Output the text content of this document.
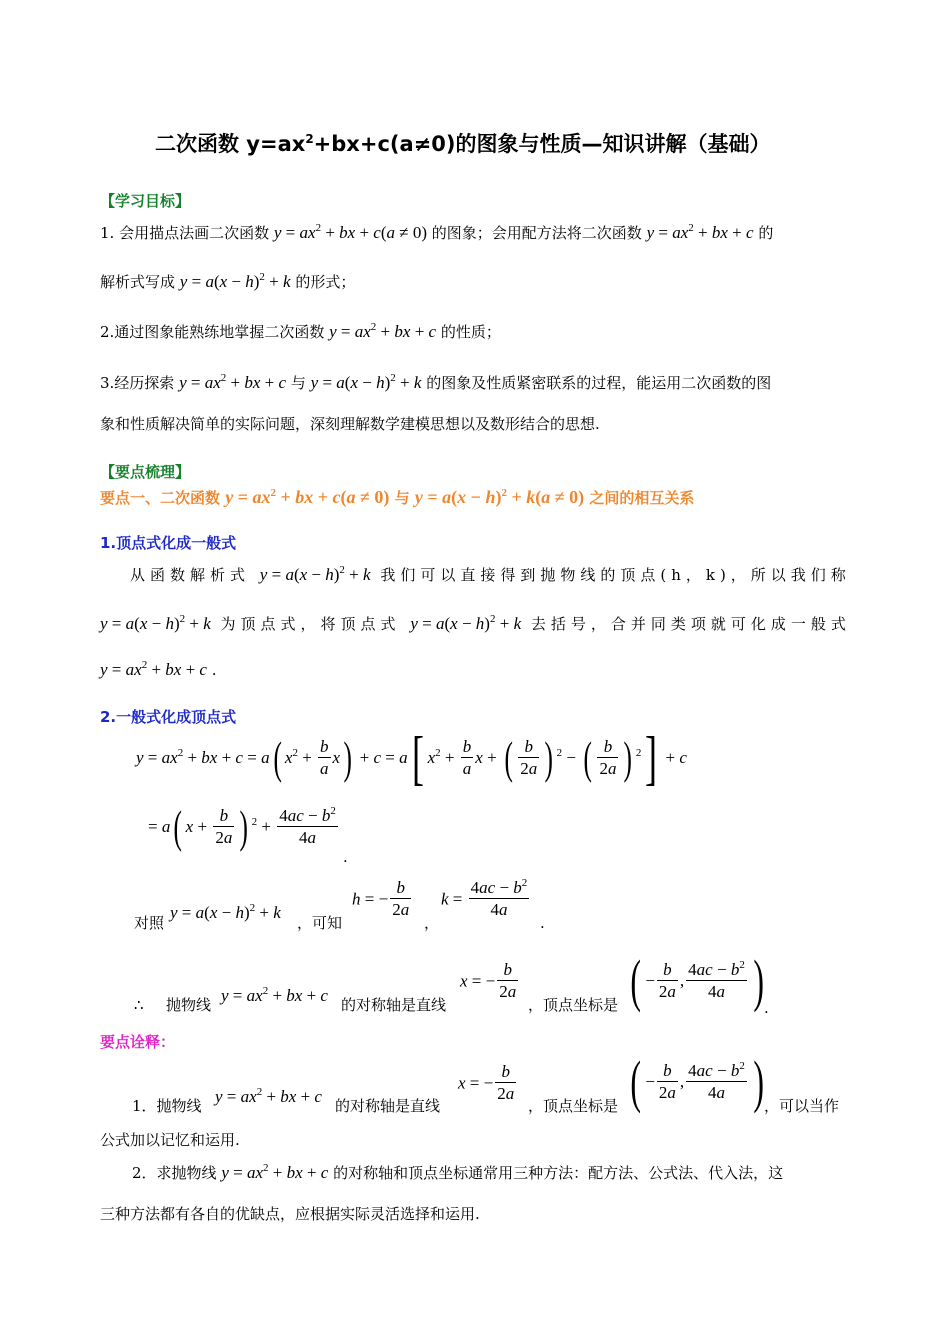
二次函数 $y=ax^2+bx+c(a\ne 0)$的图象与性质—知识讲解（基础）
【学习目标】
1. 会用描点法画二次函数 $y = ax^2$ + bx + c(a ≠ 0) 的图象；会用配方法将二次函数 $y = ax^2$ + bx + c 的
解析式写成 $y = a(x - h)^2 + k$ 的形式；
2.通过图象能熟练地掌握二次函数 $y = ax^2$ + bx + c 的性质；
3.经历探索 $y = ax^2$ + bx + c 与 $y = a(x - h)^2 + k$ 的图象及性质紧密联系的过程，能运用二次函数的图
象和性质解决简单的实际问题，深刻理解数学建模思想以及数形结合的思想.
【要点梳理】
要点一、二次函数 $y = ax^2$ + bx + c(a ≠ 0) 与 $y = a(x - h)^2 + k(a \ne 0)$ 之间的相互关系
1.顶点式化成一般式
从函数解析式 $y = a(x - h)^2 + k$ 我们可以直接得到抛物线的顶点(h，k)，所以我们称
$y = a(x - h)^2 + k$ 为顶点式，将顶点式 $y = a(x - h)^2 + k$ 去括号，合并同类项就可化成一般式
$y = ax^2$ + bx + c .
2.一般式化成顶点式
$y = ax^2$ + bx + c = a( $x^2 + \frac{b}{a} x) + c = a$[ $x^2 + \frac{b}{a}$ x + ( $\frac{b}{2a}$ ) $^2$ − ( $\frac{b}{2a}$ ) $^2$] + c
= a( $x + \frac{b}{2a}$ ) $^2 + \frac{4ac - b^2}{4a}$
.
对照
$y = a(x - h)^2 + k$
，可知
h = − $\frac{b}{2a}$
，
$k = \frac{4ac - b^2}{4a}$
.
∴ 抛物线 $y = ax^2$ + bx + c 的对称轴是直线
x = − $\frac{b}{2a}$
，顶点坐标是 ( − $\frac{b}{2a}$ , $\frac{4ac - b^2}{4a}$ ) .
要点诠释：
1．抛物线 $y = ax^2$ + bx + c 的对称轴是直线
x = − $\frac{b}{2a}$
，顶点坐标是 ( − $\frac{b}{2a}$ , $\frac{4ac - b^2}{4a}$ ) ，可以当作
公式加以记忆和运用.
2．求抛物线 $y = ax^2$ + bx + c 的对称轴和顶点坐标通常用三种方法：配方法、公式法、代入法，这
三种方法都有各自的优缺点，应根据实际灵活选择和运用.
